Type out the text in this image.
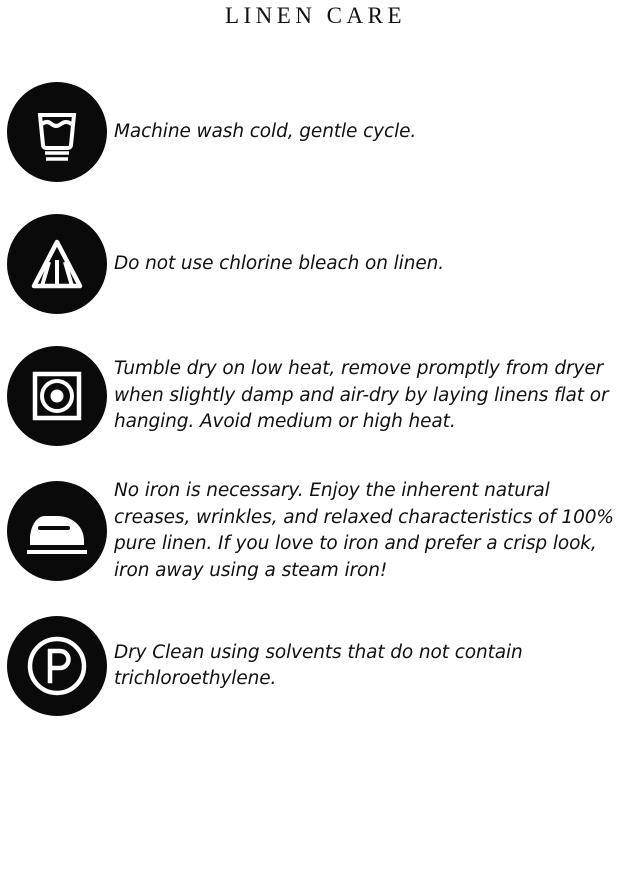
LINEN CARE

Machine wash cold, gentle cycle.

Do not use chlorine bleach on linen.

Tumble dry on low heat, remove promptly from dryer when slightly damp and air-dry by laying linens flat or hanging. Avoid medium or high heat.

No iron is necessary. Enjoy the inherent natural creases, wrinkles, and relaxed characteristics of 100% pure linen. If you love to iron and prefer a crisp look, iron away using a steam iron!

Dry Clean using solvents that do not contain trichloroethylene.
